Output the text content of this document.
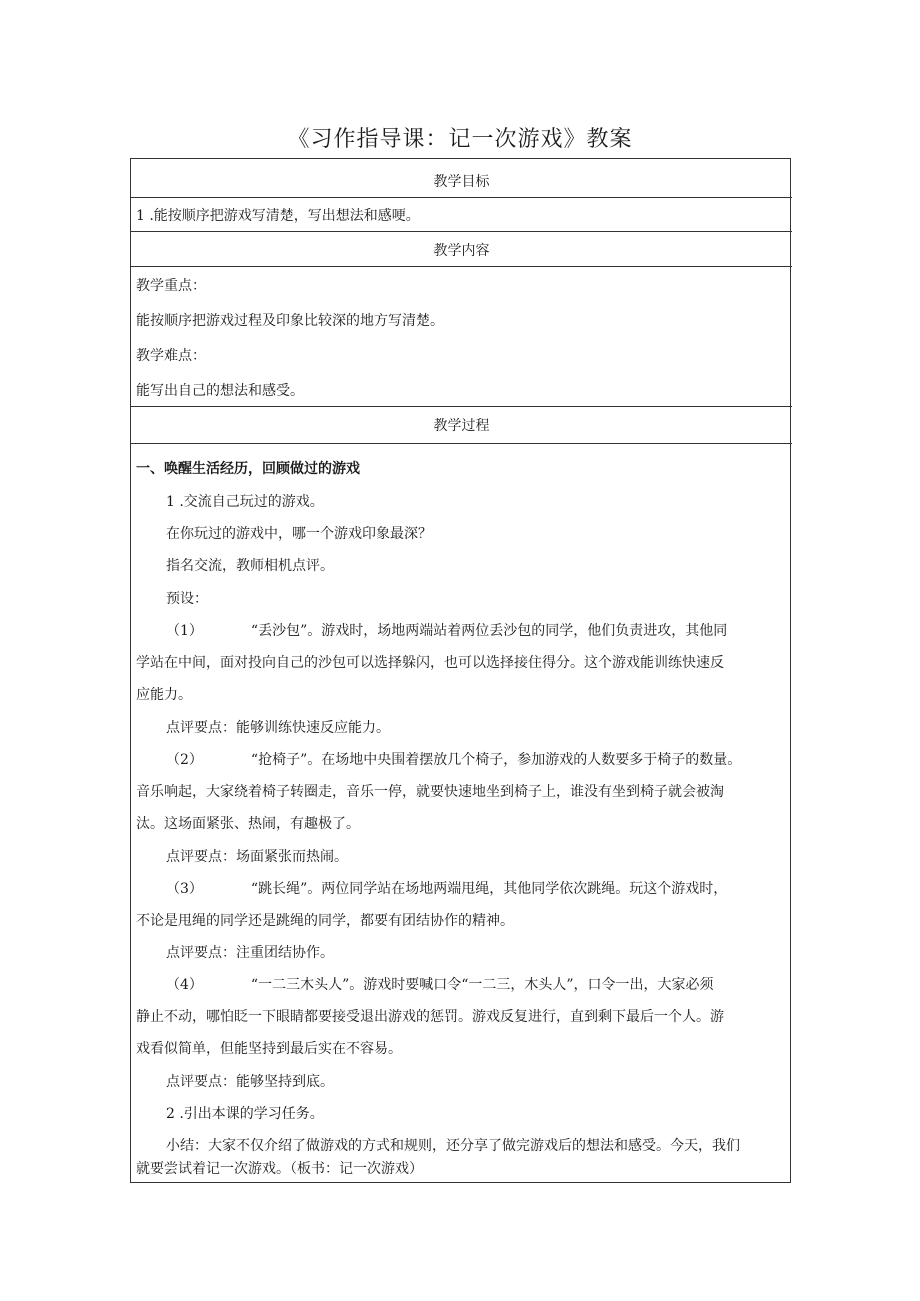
《习作指导课：记一次游戏》教案
教学目标
1 .能按顺序把游戏写清楚，写出想法和感哽。
教学内容
教学重点：
能按顺序把游戏过程及印象比较深的地方写清楚。
教学难点：
能写出自己的想法和感受。
教学过程
一、唤醒生活经历，回顾做过的游戏
1 .交流自己玩过的游戏。
在你玩过的游戏中，哪一个游戏印象最深？
指名交流，教师相机点评。
预设：
（1）	“丢沙包”。游戏时，场地两端站着两位丢沙包的同学，他们负责进攻，其他同
学站在中间，面对投向自己的沙包可以选择躲闪，也可以选择接住得分。这个游戏能训练快速反
应能力。
点评要点：能够训练快速反应能力。
（2）	“抢椅子”。在场地中央围着摆放几个椅子，参加游戏的人数要多于椅子的数量。
音乐响起，大家绕着椅子转圈走，音乐一停，就要快速地坐到椅子上，谁没有坐到椅子就会被淘
汰。这场面紧张、热闹，有趣极了。
点评要点：场面紧张而热闹。
（3）	“跳长绳”。两位同学站在场地两端甩绳，其他同学依次跳绳。玩这个游戏时，
不论是甩绳的同学还是跳绳的同学，都要有团结协作的精神。
点评要点：注重团结协作。
（4）	“一二三木头人”。游戏时要喊口令“一二三，木头人”，口令一出，大家必须
静止不动，哪怕眨一下眼睛都要接受退出游戏的惩罚。游戏反复进行，直到剩下最后一个人。游
戏看似简单，但能坚持到最后实在不容易。
点评要点：能够坚持到底。
2 .引出本课的学习任务。
小结：大家不仅介绍了做游戏的方式和规则，还分享了做完游戏后的想法和感受。今天，我们
就要尝试着记一次游戏。（板书：记一次游戏）
